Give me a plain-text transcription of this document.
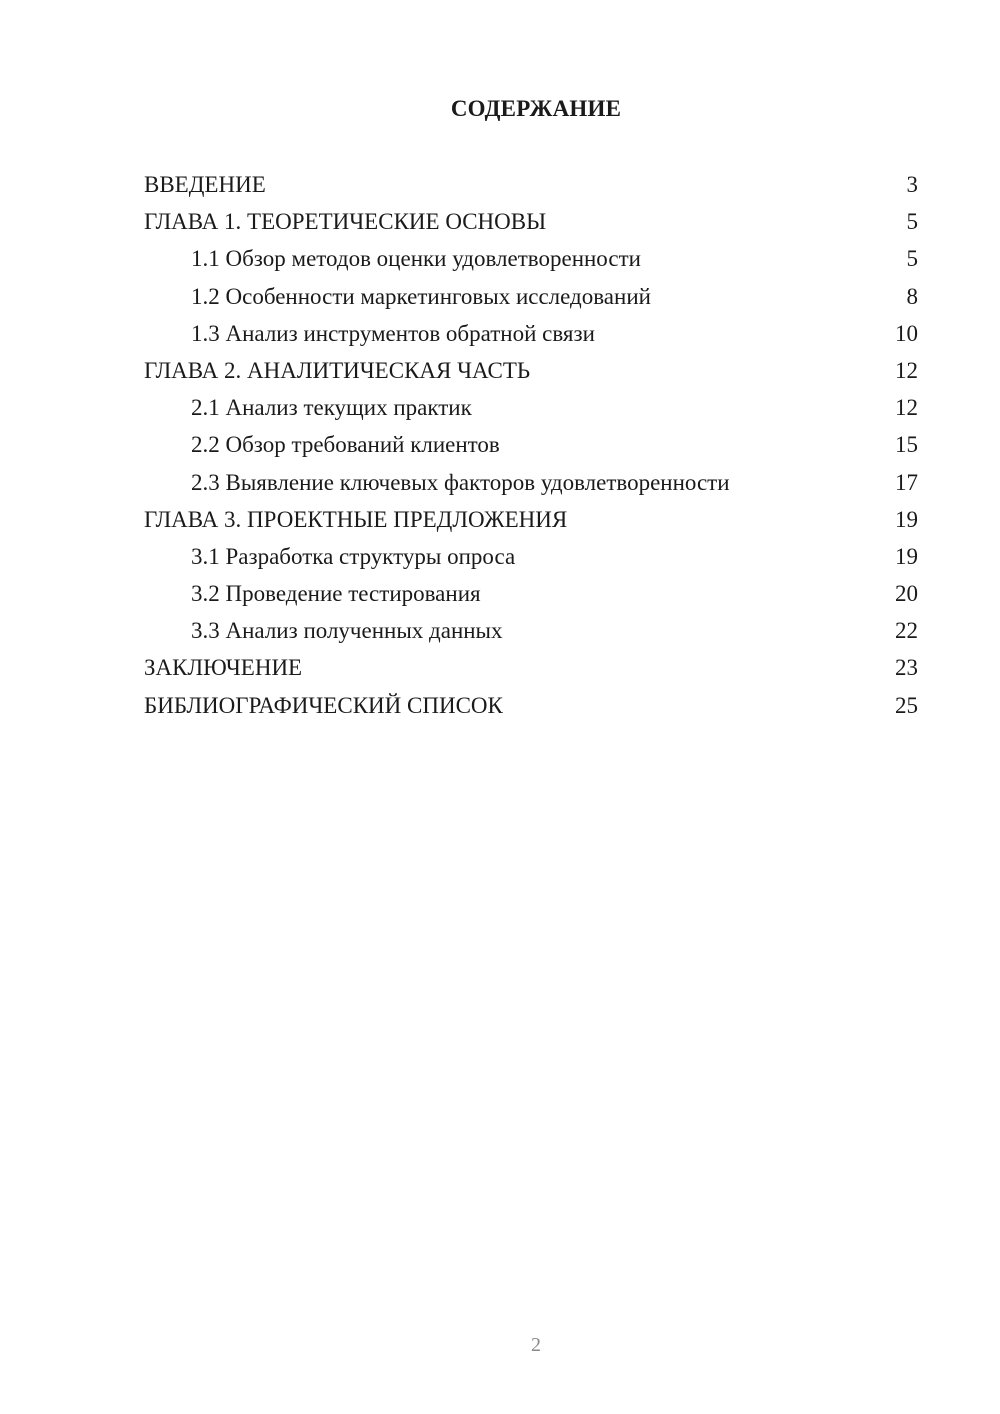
СОДЕРЖАНИЕ
ВВЕДЕНИЕ	3
ГЛАВА 1. ТЕОРЕТИЧЕСКИЕ ОСНОВЫ	5
1.1 Обзор методов оценки удовлетворенности	5
1.2 Особенности маркетинговых исследований	8
1.3 Анализ инструментов обратной связи	10
ГЛАВА 2. АНАЛИТИЧЕСКАЯ ЧАСТЬ	12
2.1 Анализ текущих практик	12
2.2 Обзор требований клиентов	15
2.3 Выявление ключевых факторов удовлетворенности	17
ГЛАВА 3. ПРОЕКТНЫЕ ПРЕДЛОЖЕНИЯ	19
3.1 Разработка структуры опроса	19
3.2 Проведение тестирования	20
3.3 Анализ полученных данных	22
ЗАКЛЮЧЕНИЕ	23
БИБЛИОГРАФИЧЕСКИЙ СПИСОК	25
2
